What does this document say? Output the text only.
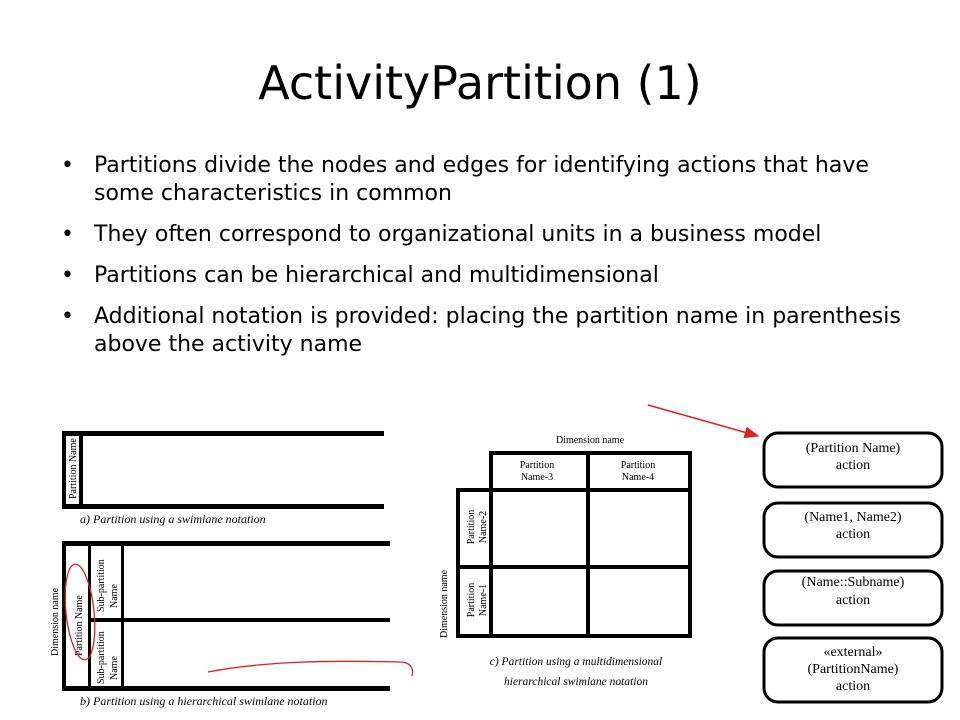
ActivityPartition (1)
• Partitions divide the nodes and edges for identifying actions that have some characteristics in common
• They often correspond to organizational units in a business model
• Partitions can be hierarchical and multidimensional
• Additional notation is provided: placing the partition name in parenthesis above the activity name
Partition Name
a) Partition using a swimlane notation
Dimension name Partition Name
Sub-partition Name
Sub-partition Name
b) Partition using a hierarchical swimlane notation
Dimension name
Dimension name
Partition
Name-3
Partition
Name-4
Partition Name-2
Partition Name-1
c) Partition using a multidimensional
hierarchical swimlane notation
(Partition Name)
action
(Name1, Name2)
action
(Name::Subname)
action
«external»
(PartitionName)
action
